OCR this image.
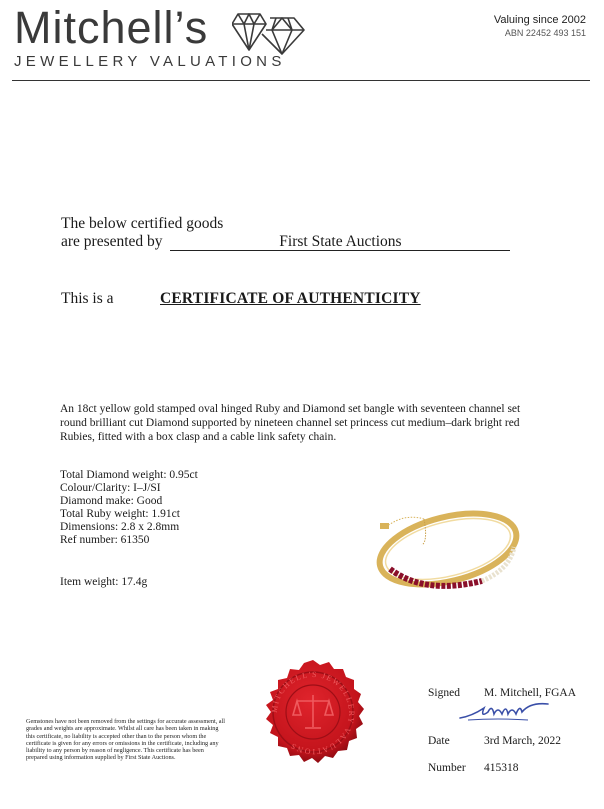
Mitchell’s
JEWELLERY VALUATIONS
Valuing since 2002
ABN 22452 493 151
The below certified goods
are presented by	First State Auctions
This is a	CERTIFICATE OF AUTHENTICITY
An 18ct yellow gold stamped oval hinged Ruby and Diamond set bangle with seventeen channel set round brilliant cut Diamond supported by nineteen channel set princess cut medium–dark bright red Rubies, fitted with a box clasp and a cable link safety chain.
Total Diamond weight: 0.95ct
Colour/Clarity: I–J/SI
Diamond make: Good
Total Ruby weight: 1.91ct
Dimensions: 2.8 x 2.8mm
Ref number: 61350
Item weight: 17.4g
MITCHELL'S JEWELLERY VALUATIONS
Signed M. Mitchell, FGAA
Date	3rd March, 2022
Number 415318
Gemstones have not been removed from the settings for accurate assessment, all grades and weights are approximate. Whilst all care has been taken in making this certificate, no liability is accepted other than to the person whom the certificate is given for any errors or omissions in the certificate, including any liability to any person by reason of negligence. This certificate has been prepared using information supplied by First State Auctions.
